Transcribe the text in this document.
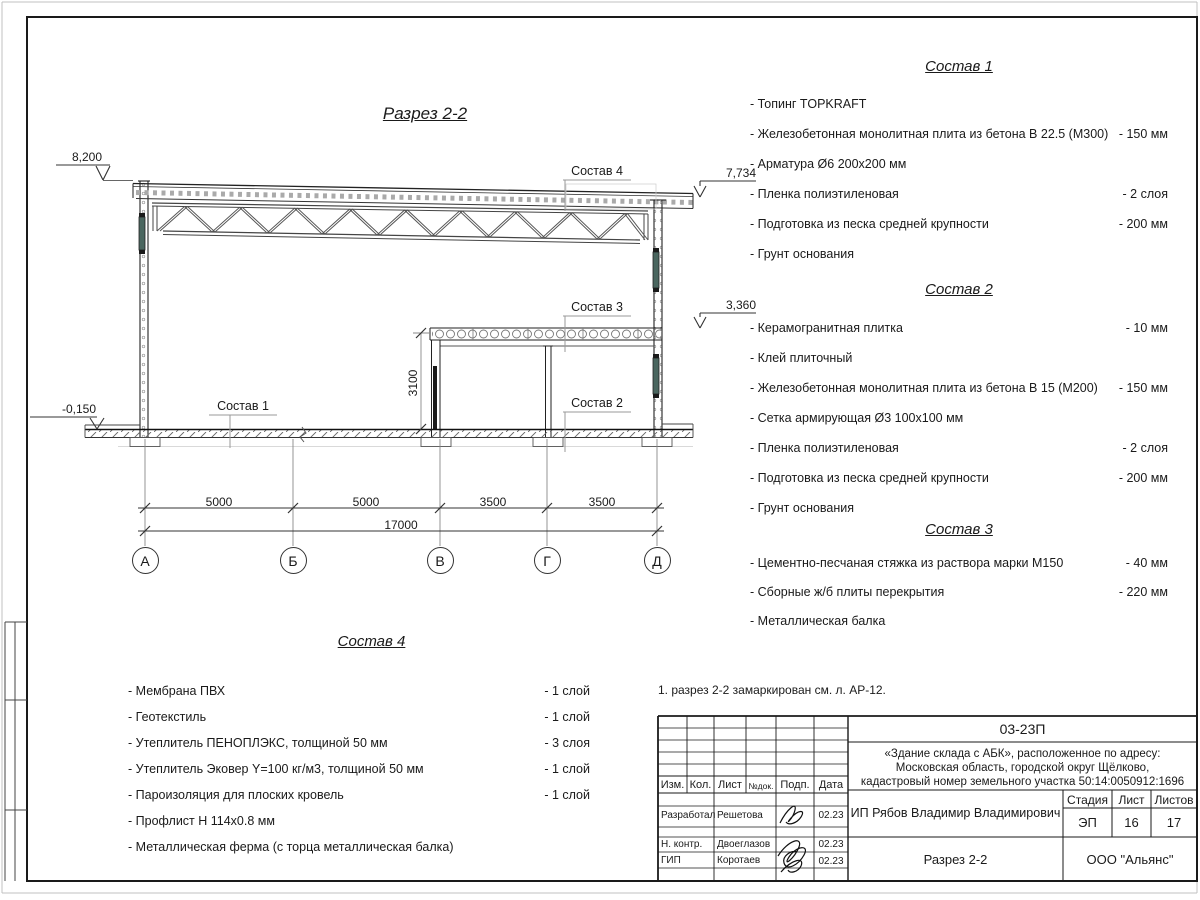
Разрез 2-2
8,200
7,734
3,360
-0,150
Состав 4
Состав 3
Состав 2
Состав 1
5000	5000	3500	3500
17000
3100
А	Б	В	Г	Д
Состав 1
- Топинг TOPKRAFT
- Железобетонная монолитная плита из бетона В 22.5 (М300) - 150 мм
- Арматура Ø6 200x200 мм
- Пленка полиэтиленовая	- 2 слоя
- Подготовка из песка средней крупности	- 200 мм
- Грунт основания
Состав 2
- Керамогранитная плитка	- 10 мм
- Клей плиточный
- Железобетонная монолитная плита из бетона В 15 (М200) - 150 мм
- Сетка армирующая Ø3 100x100 мм
- Пленка полиэтиленовая	- 2 слоя
- Подготовка из песка средней крупности	- 200 мм
- Грунт основания
Состав 3
- Цементно-песчаная стяжка из раствора марки М150	- 40 мм
- Сборные ж/б плиты перекрытия	- 220 мм
- Металлическая балка
Состав 4
- Мембрана ПВХ	- 1 слой
- Геотекстиль	- 1 слой
- Утеплитель ПЕНОПЛЭКС, толщиной 50 мм	- 3 слоя
- Утеплитель Эковер Y=100 кг/м3, толщиной 50 мм	- 1 слой
- Пароизоляция для плоских кровель	- 1 слой
- Профлист Н 114x0.8 мм
- Металлическая ферма (с торца металлическая балка)
1. разрез 2-2 замаркирован см. л. АР-12.
03-23П
«Здание склада с АБК», расположенное по адресу:
Московская область, городской округ Щёлково,
кадастровый номер земельного участка 50:14:0050912:1696
Изм. Кол. Лист №док. Подп. Дата
Разработал Решетова	02.23
Н. контр. Двоеглазов	02.23
ГИП	Коротаев	02.23
ИП Рябов Владимир Владимирович
Стадия Лист Листов
ЭП	16	17
Разрез 2-2	ООО "Альянс"
